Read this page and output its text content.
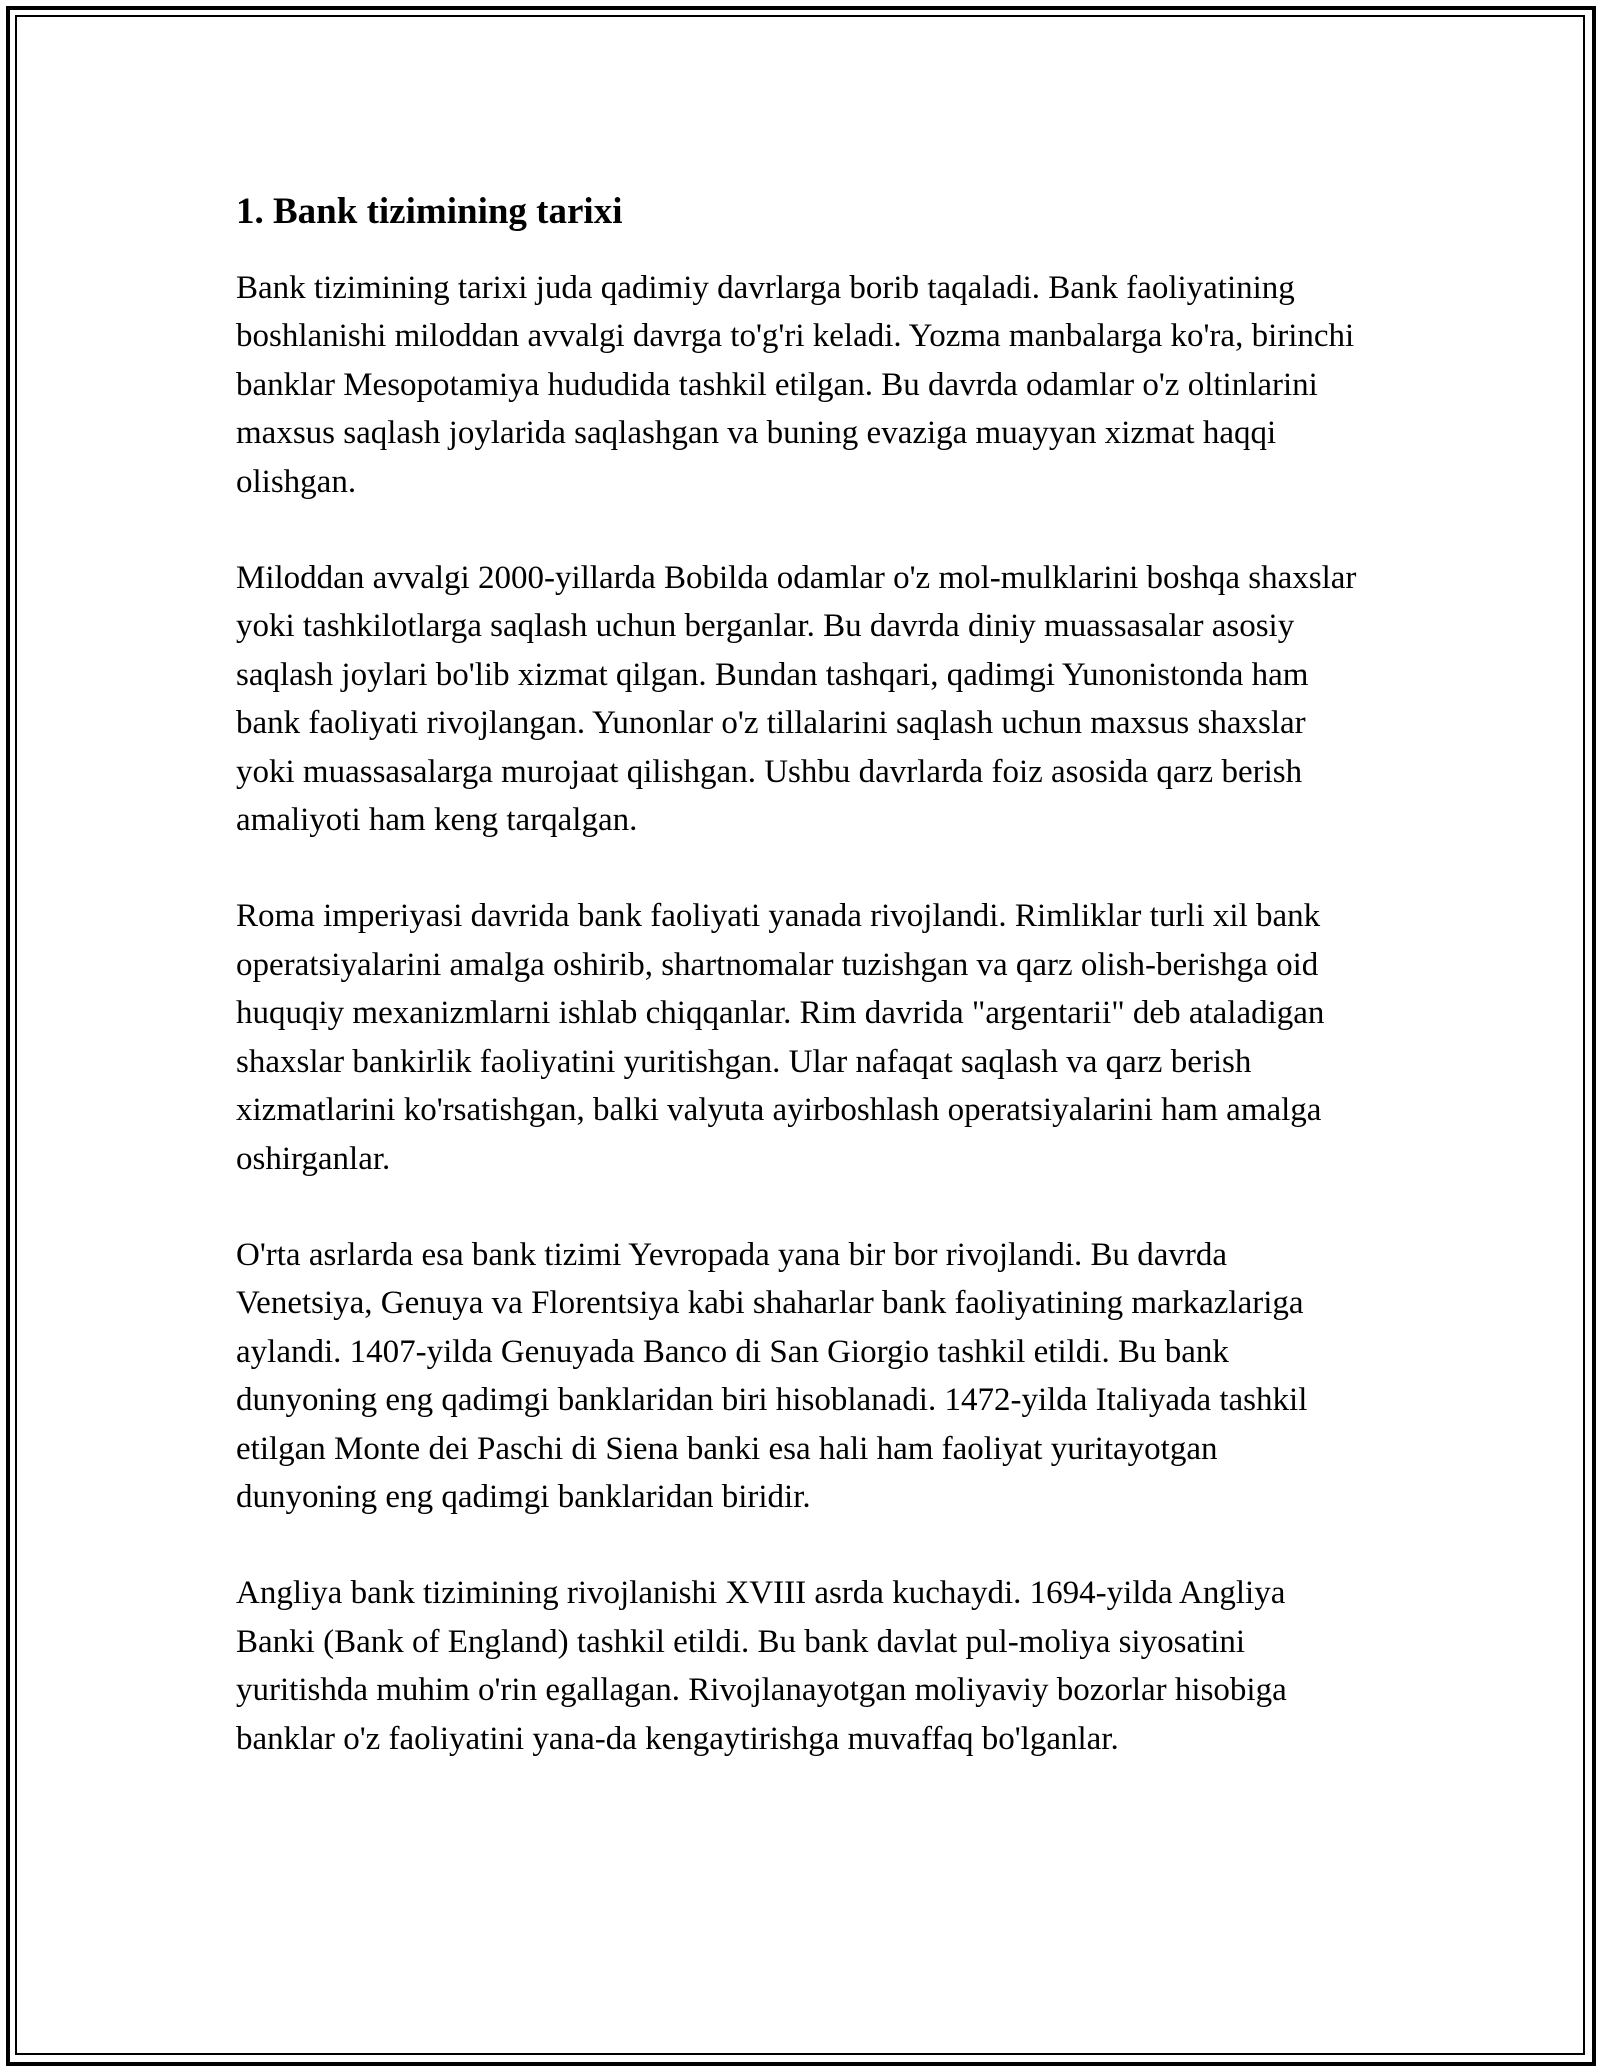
1. Bank tizimining tarixi

Bank tizimining tarixi juda qadimiy davrlarga borib taqaladi. Bank faoliyatining boshlanishi miloddan avvalgi davrga to'g'ri keladi. Yozma manbalarga ko'ra, birinchi banklar Mesopotamiya hududida tashkil etilgan. Bu davrda odamlar o'z oltinlarini maxsus saqlash joylarida saqlashgan va buning evaziga muayyan xizmat haqqi olishgan.

Miloddan avvalgi 2000-yillarda Bobilda odamlar o'z mol-mulklarini boshqa shaxslar yoki tashkilotlarga saqlash uchun berganlar. Bu davrda diniy muassasalar asosiy saqlash joylari bo'lib xizmat qilgan. Bundan tashqari, qadimgi Yunonistonda ham bank faoliyati rivojlangan. Yunonlar o'z tillalarini saqlash uchun maxsus shaxslar yoki muassasalarga murojaat qilishgan. Ushbu davrlarda foiz asosida qarz berish amaliyoti ham keng tarqalgan.

Roma imperiyasi davrida bank faoliyati yanada rivojlandi. Rimliklar turli xil bank operatsiyalarini amalga oshirib, shartnomalar tuzishgan va qarz olish-berishga oid huquqiy mexanizmlarni ishlab chiqqanlar. Rim davrida "argentarii" deb ataladigan shaxslar bankirlik faoliyatini yuritishgan. Ular nafaqat saqlash va qarz berish xizmatlarini ko'rsatishgan, balki valyuta ayirboshlash operatsiyalarini ham amalga oshirganlar.

O'rta asrlarda esa bank tizimi Yevropada yana bir bor rivojlandi. Bu davrda Venetsiya, Genuya va Florentsiya kabi shaharlar bank faoliyatining markazlariga aylandi. 1407-yilda Genuyada Banco di San Giorgio tashkil etildi. Bu bank dunyoning eng qadimgi banklaridan biri hisoblanadi. 1472-yilda Italiyada tashkil etilgan Monte dei Paschi di Siena banki esa hali ham faoliyat yuritayotgan dunyoning eng qadimgi banklaridan biridir.

Angliya bank tizimining rivojlanishi XVIII asrda kuchaydi. 1694-yilda Angliya Banki (Bank of England) tashkil etildi. Bu bank davlat pul-moliya siyosatini yuritishda muhim o'rin egallagan. Rivojlanayotgan moliyaviy bozorlar hisobiga banklar o'z faoliyatini yana-da kengaytirishga muvaffaq bo'lganlar.
